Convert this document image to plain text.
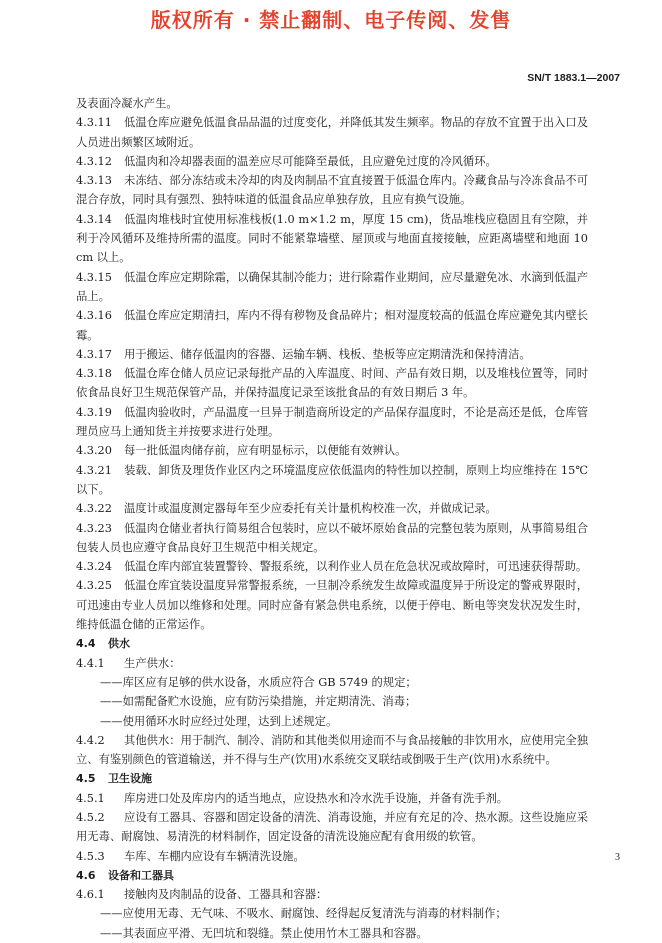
版权所有 · 禁止翻制、电子传阅、发售
SN/T 1883.1—2007

及表面冷凝水产生。

4.3.11 低温仓库应避免低温食品品温的过度变化，并降低其发生频率。物品的存放不宜置于出入口及人员进出频繁区域附近。

4.3.12 低温肉和冷却器表面的温差应尽可能降至最低，且应避免过度的冷风循环。

4.3.13 未冻结、部分冻结或未冷却的肉及肉制品不宜直接置于低温仓库内。冷藏食品与冷冻食品不可混合存放，同时具有强烈、独特味道的低温食品应单独存放，且应有换气设施。

4.3.14 低温肉堆栈时宜使用标准栈板(1.0 m×1.2 m，厚度 15 cm)，货品堆栈应稳固且有空隙，并利于冷风循环及维持所需的温度。同时不能紧靠墙壁、屋顶或与地面直接接触，应距离墙壁和地面 10 cm 以上。

4.3.15 低温仓库应定期除霜，以确保其制冷能力；进行除霜作业期间，应尽量避免冰、水滴到低温产品上。

4.3.16 低温仓库应定期清扫，库内不得有秽物及食品碎片；相对湿度较高的低温仓库应避免其内壁长霉。

4.3.17 用于搬运、储存低温肉的容器、运输车辆、栈板、垫板等应定期清洗和保持清洁。

4.3.18 低温仓库仓储人员应记录每批产品的入库温度、时间、产品有效日期，以及堆栈位置等，同时依食品良好卫生规范保管产品，并保持温度记录至该批食品的有效日期后 3 年。

4.3.19 低温肉验收时，产品温度一旦异于制造商所设定的产品保存温度时，不论是高还是低，仓库管理员应马上通知货主并按要求进行处理。

4.3.20 每一批低温肉储存前，应有明显标示，以便能有效辨认。

4.3.21 装载、卸货及理货作业区内之环境温度应依低温肉的特性加以控制，原则上均应维持在 15℃以下。

4.3.22 温度计或温度测定器每年至少应委托有关计量机构校准一次，并做成记录。

4.3.23 低温肉仓储业者执行简易组合包装时，应以不破坏原始食品的完整包装为原则，从事简易组合包装人员也应遵守食品良好卫生规范中相关规定。

4.3.24 低温仓库内部宜装置警铃、警报系统，以利作业人员在危急状况或故障时，可迅速获得帮助。

4.3.25 低温仓库宜装设温度异常警报系统，一旦制冷系统发生故障或温度异于所设定的警戒界限时，可迅速由专业人员加以维修和处理。同时应备有紧急供电系统，以便于停电、断电等突发状况发生时，维持低温仓储的正常运作。

4.4 供水

4.4.1 生产供水：

——库区应有足够的供水设备，水质应符合 GB 5749 的规定；

——如需配备贮水设施，应有防污染措施，并定期清洗、消毒；

——使用循环水时应经过处理，达到上述规定。

4.4.2 其他供水：用于制汽、制冷、消防和其他类似用途而不与食品接触的非饮用水，应使用完全独立、有鉴别颜色的管道输送，并不得与生产(饮用)水系统交叉联结或倒吸于生产(饮用)水系统中。

4.5 卫生设施

4.5.1 库房进口处及库房内的适当地点，应设热水和冷水洗手设施，并备有洗手剂。

4.5.2 应设有工器具、容器和固定设备的清洗、消毒设施，并应有充足的冷、热水源。这些设施应采用无毒、耐腐蚀、易清洗的材料制作，固定设备的清洗设施应配有食用级的软管。

4.5.3 车库、车棚内应设有车辆清洗设施。

4.6 设备和工器具

4.6.1 接触肉及肉制品的设备、工器具和容器：

——应使用无毒、无气味、不吸水、耐腐蚀、经得起反复清洗与消毒的材料制作；

——其表面应平滑、无凹坑和裂缝。禁止使用竹木工器具和容器。

3
